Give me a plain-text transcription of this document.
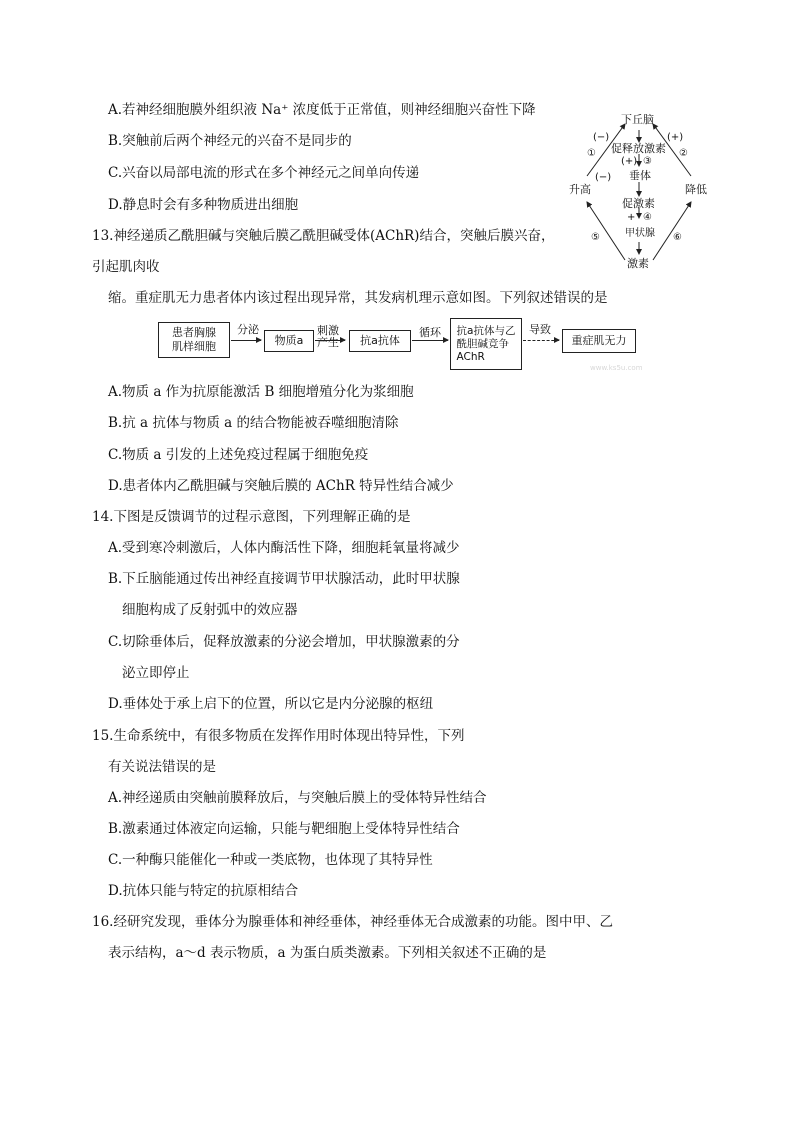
A.若神经细胞膜外组织液 Na⁺ 浓度低于正常值，则神经细胞兴奋性下降
B.突触前后两个神经元的兴奋不是同步的
C.兴奋以局部电流的形式在多个神经元之间单向传递
D.静息时会有多种物质进出细胞
13.神经递质乙酰胆碱与突触后膜乙酰胆碱受体(AChR)结合，突触后膜兴奋，
引起肌肉收
缩。重症肌无力患者体内该过程出现异常，其发病机理示意如图。下列叙述错误的是
患者胸腺
肌样细胞
分泌
物质a
刺激
产生	抗a抗体
循环	抗a抗体与乙
酰胆碱竞争
AChR
导致
重症肌无力
www.ks5u.com
A.物质 a 作为抗原能激活 B 细胞增殖分化为浆细胞
B.抗 a 抗体与物质 a 的结合物能被吞噬细胞清除
C.物质 a 引发的上述免疫过程属于细胞免疫
D.患者体内乙酰胆碱与突触后膜的 AChR 特异性结合减少
14.下图是反馈调节的过程示意图，下列理解正确的是
A.受到寒冷刺激后，人体内酶活性下降，细胞耗氧量将减少
B.下丘脑能通过传出神经直接调节甲状腺活动，此时甲状腺
细胞构成了反射弧中的效应器
C.切除垂体后，促释放激素的分泌会增加，甲状腺激素的分
泌立即停止
D.垂体处于承上启下的位置，所以它是内分泌腺的枢纽
下丘脑
促释放激素
(+) ③
垂体
促激素
+ ④
甲状腺
激素
升高	降低
(−)
①
(+)
②
(−)
⑤	⑥
15.生命系统中，有很多物质在发挥作用时体现出特异性，下列
有关说法错误的是
A.神经递质由突触前膜释放后，与突触后膜上的受体特异性结合
B.激素通过体液定向运输，只能与靶细胞上受体特异性结合
C.一种酶只能催化一种或一类底物，也体现了其特异性
D.抗体只能与特定的抗原相结合
16.经研究发现，垂体分为腺垂体和神经垂体，神经垂体无合成激素的功能。图中甲、乙
表示结构，a～d 表示物质，a 为蛋白质类激素。下列相关叙述不正确的是
